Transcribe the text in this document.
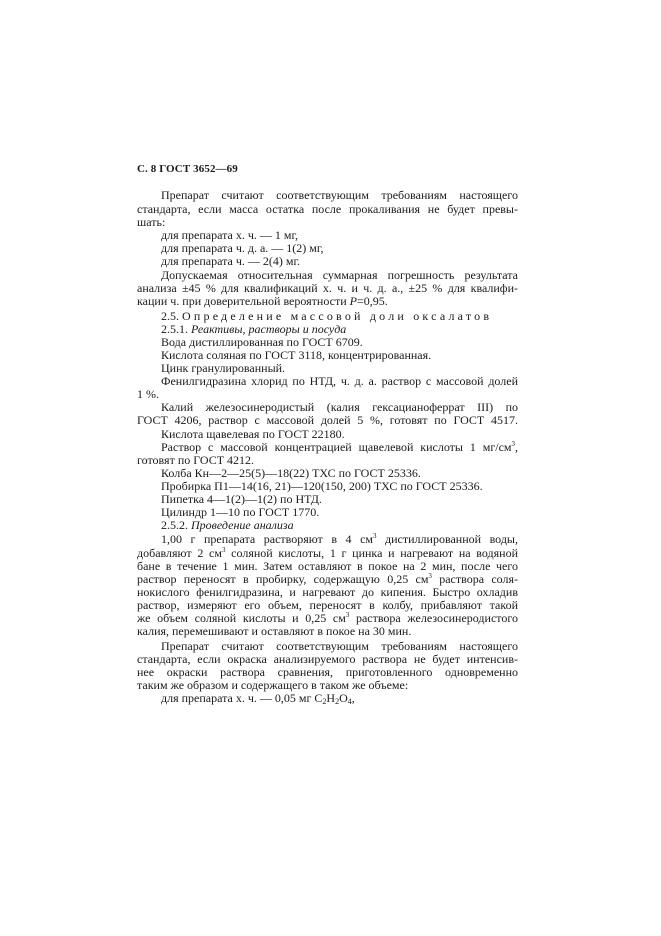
С. 8 ГОСТ 3652—69
Препарат считают соответствующим требованиям настоящего
стандарта, если масса остатка после прокаливания не будет превы-
шать:
для препарата х. ч. — 1 мг,
для препарата ч. д. а. — 1(2) мг,
для препарата ч. — 2(4) мг.
Допускаемая относительная суммарная погрешность результата
анализа ±45 % для квалификаций х. ч. и ч. д. а., ±25 % для квалифи-
кации ч. при доверительной вероятности P=0,95.
2.5. Определение массовой доли оксалатов
2.5.1. Реактивы, растворы и посуда
Вода дистиллированная по ГОСТ 6709.
Кислота соляная по ГОСТ 3118, концентрированная.
Цинк гранулированный.
Фенилгидразина хлорид по НТД, ч. д. а. раствор с массовой долей
1 %.
Калий железосинеродистый (калия гексацианоферрат III) по
ГОСТ 4206, раствор с массовой долей 5 %, готовят по ГОСТ 4517.
Кислота щавелевая по ГОСТ 22180.
Раствор с массовой концентрацией щавелевой кислоты 1 $мг/см^3$,
готовят по ГОСТ 4212.
Колба Кн—2—25(5)—18(22) ТХС по ГОСТ 25336.
Пробирка П1—14(16, 21)—120(150, 200) ТХС по ГОСТ 25336.
Пипетка 4—1(2)—1(2) по НТД.
Цилиндр 1—10 по ГОСТ 1770.
2.5.2. Проведение анализа
1,00 г препарата растворяют в 4 $см^3$ дистиллированной воды,
добавляют 2 $см^3$ соляной кислоты, 1 г цинка и нагревают на водяной
бане в течение 1 мин. Затем оставляют в покое на 2 мин, после чего
раствор переносят в пробирку, содержащую 0,25 $см^3$ раствора соля-
нокислого фенилгидразина, и нагревают до кипения. Быстро охладив
раствор, измеряют его объем, переносят в колбу, прибавляют такой
же объем соляной кислоты и 0,25 $см^3$ раствора железосинеродистого
калия, перемешивают и оставляют в покое на 30 мин.
Препарат считают соответствующим требованиям настоящего
стандарта, если окраска анализируемого раствора не будет интенсив-
нее окраски раствора сравнения, приготовленного одновременно
таким же образом и содержащего в таком же объеме:
для препарата х. ч. — 0,05 мг $C_2H_2O_4$,
